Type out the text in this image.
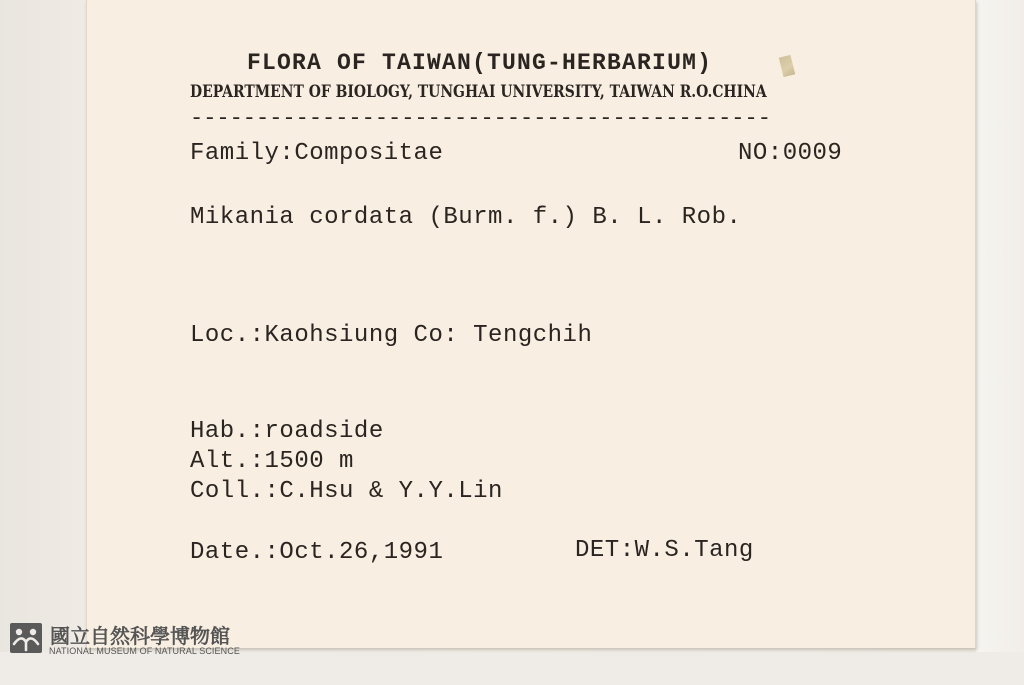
FLORA OF TAIWAN(TUNG-HERBARIUM)
DEPARTMENT OF BIOLOGY, TUNGHAI UNIVERSITY, TAIWAN R.O.CHINA
--------------------------------------------
Family:Compositae	NO:0009
Mikania cordata (Burm. f.) B. L. Rob.
Loc.:Kaohsiung Co: Tengchih
Hab.:roadside
Alt.:1500 m
Coll.:C.Hsu & Y.Y.Lin
Date.:Oct.26,1991	DET:W.S.Tang
國立自然科學博物館
NATIONAL MUSEUM OF NATURAL SCIENCE
